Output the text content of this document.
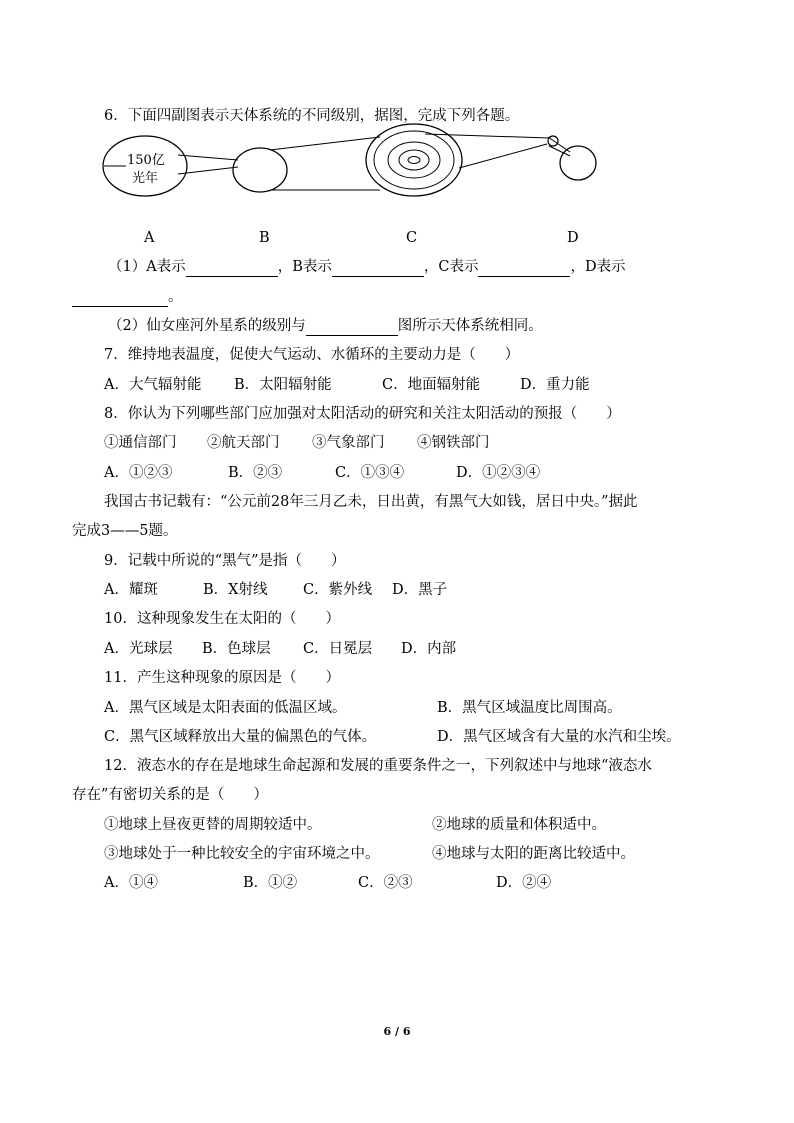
6．下面四副图表示天体系统的不同级别，据图，完成下列各题。
150亿
光年
A	B	C	D
（1）A表示	，B表示	，C表示	，D表示
。
（2）仙女座河外星系的级别与	图所示天体系统相同。
7．维持地表温度，促使大气运动、水循环的主要动力是（　　）
A．大气辐射能 B．太阳辐射能	C．地面辐射能	D．重力能
8．你认为下列哪些部门应加强对太阳活动的研究和关注太阳活动的预报（　　）
①通信部门 ②航天部门 ③气象部门 ④钢铁部门
A．①②③	B．②③	C．①③④	D．①②③④
我国古书记载有：“公元前28年三月乙未，日出黄，有黑气大如钱，居日中央。”据此
完成3——5题。
9．记载中所说的“黑气”是指（　　）
A．耀斑	B．X射线 C．紫外线 D．黑子
10．这种现象发生在太阳的（　　）
A．光球层 B．色球层 C．日冕层 D．内部
11．产生这种现象的原因是（　　）
A．黑气区域是太阳表面的低温区域。	B．黑气区域温度比周围高。
C．黑气区域释放出大量的偏黑色的气体。	D．黑气区域含有大量的水汽和尘埃。
12．液态水的存在是地球生命起源和发展的重要条件之一，下列叙述中与地球“液态水
存在”有密切关系的是（　　）
①地球上昼夜更替的周期较适中。	②地球的质量和体积适中。
③地球处于一种比较安全的宇宙环境之中。	④地球与太阳的距离比较适中。
A．①④	B．①②	C．②③	D．②④
6 / 6
